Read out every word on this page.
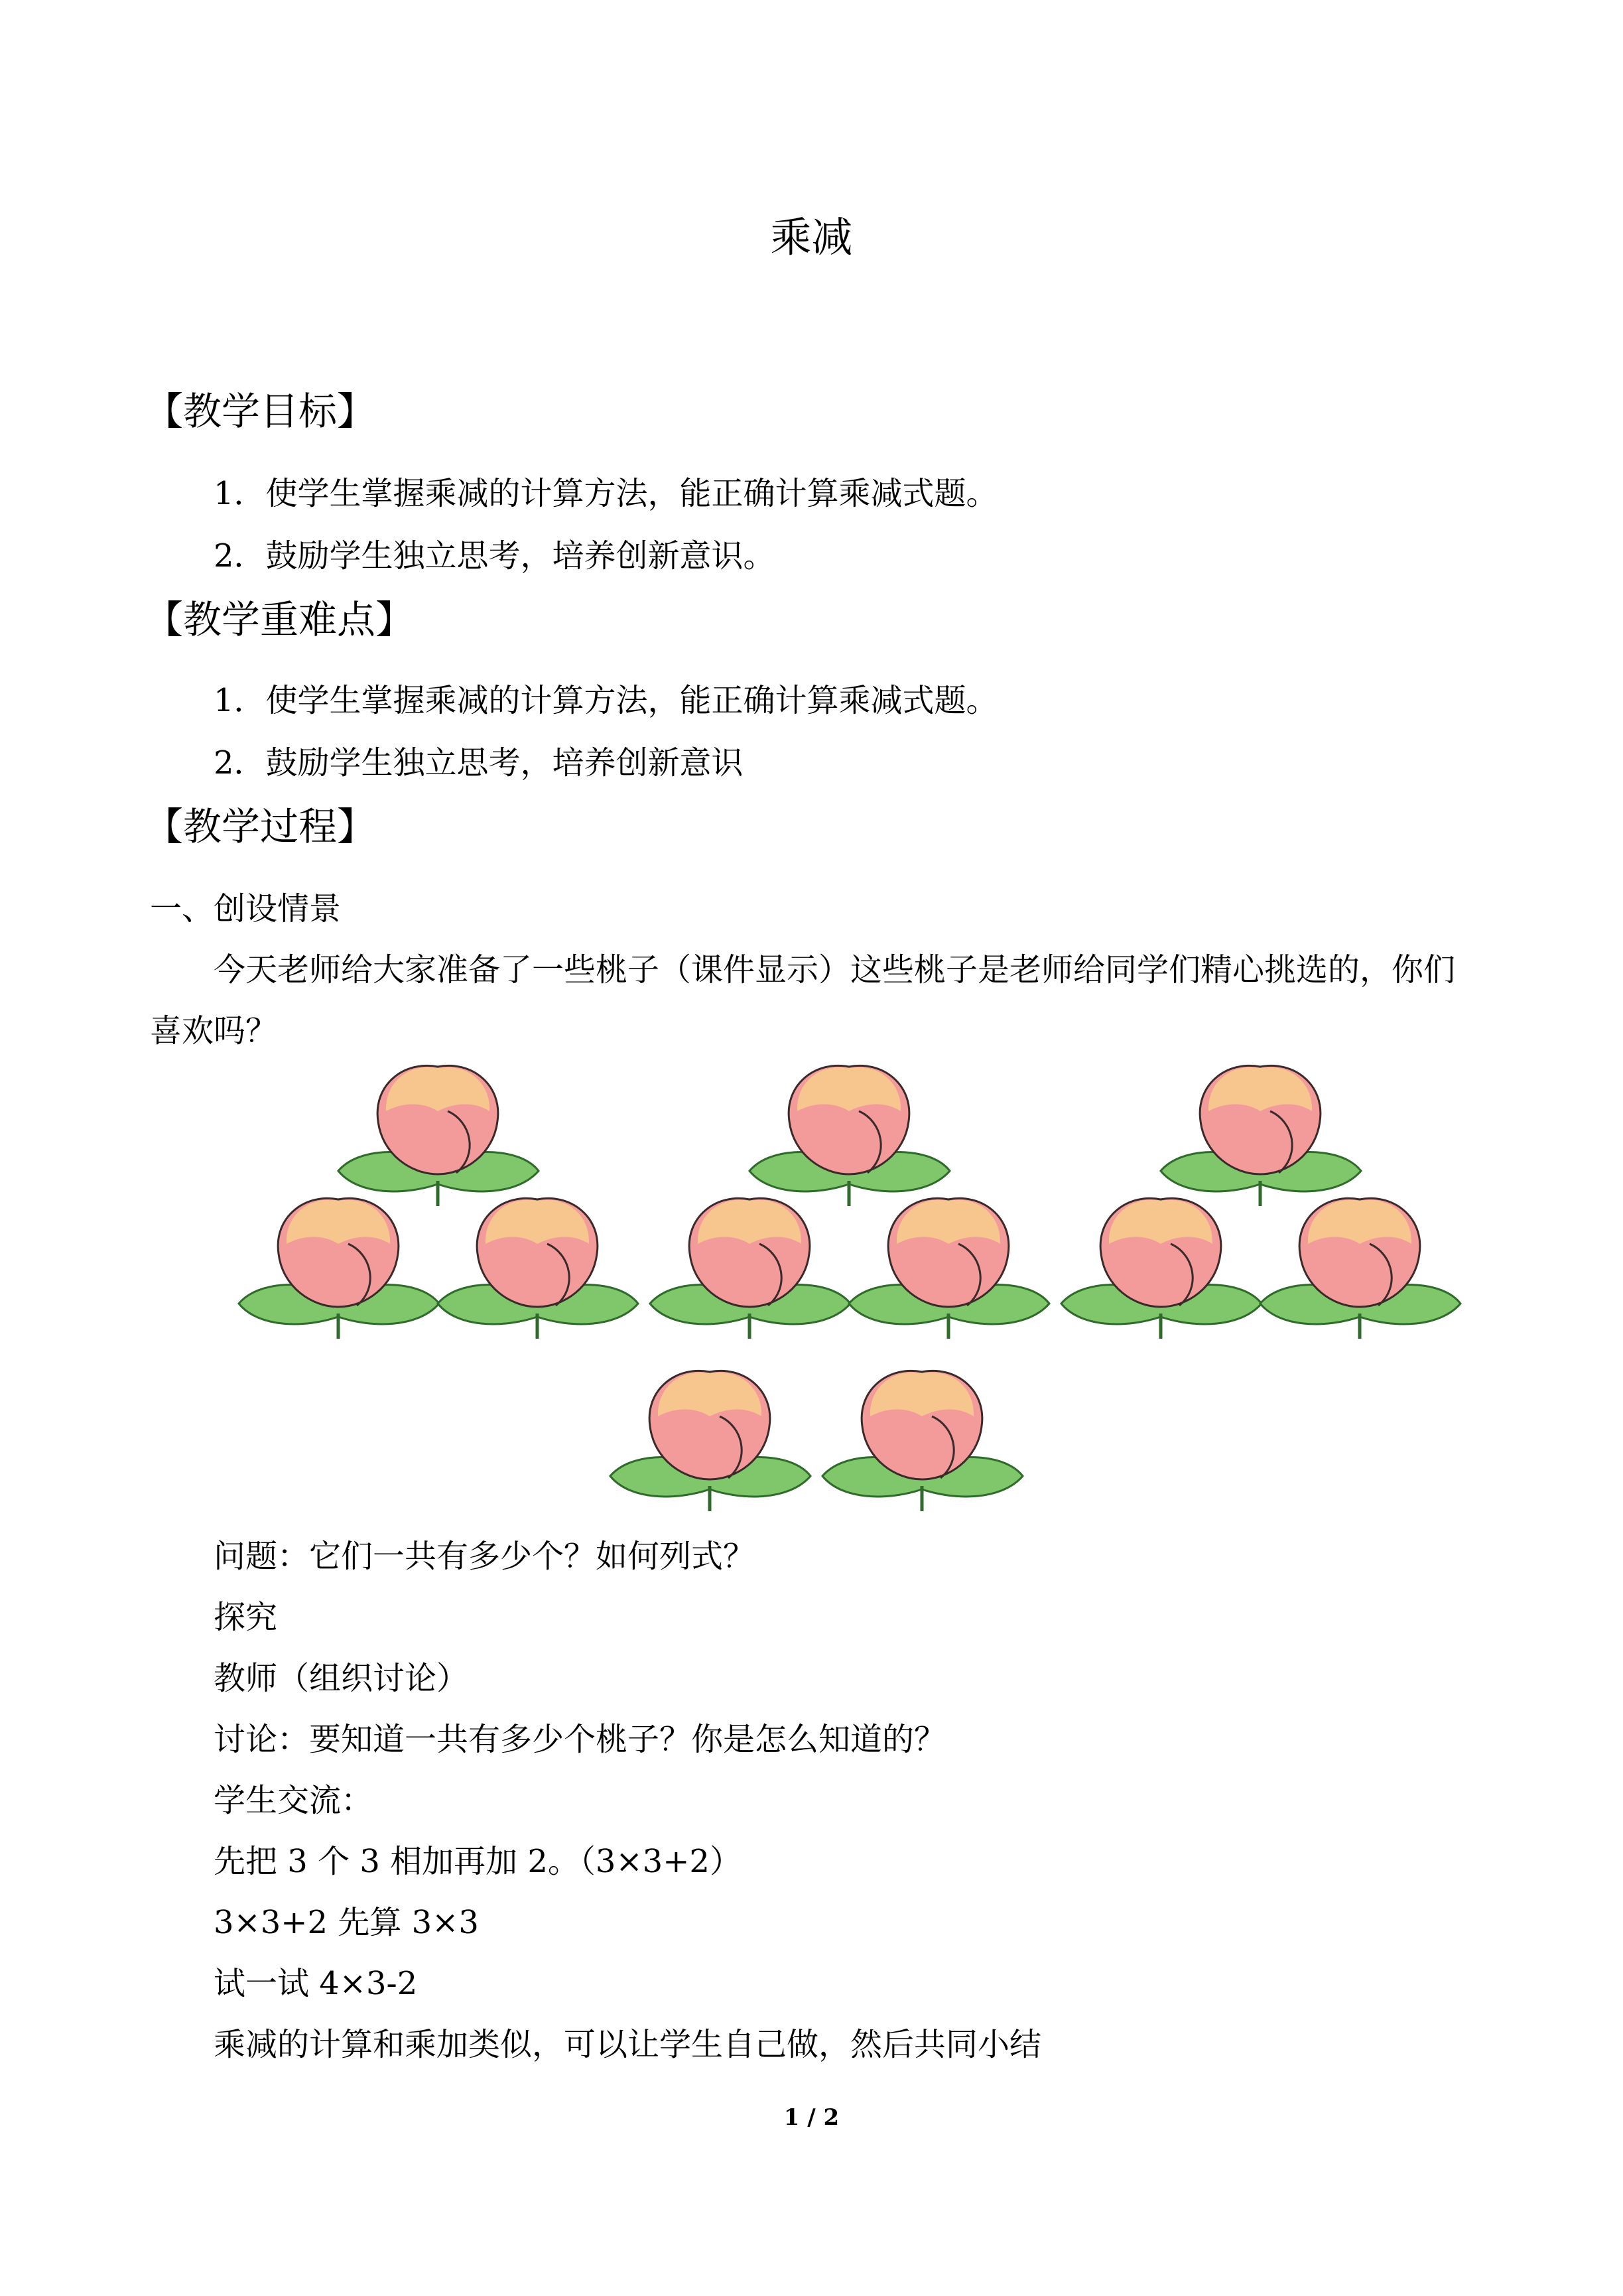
乘减
【教学目标】
1．使学生掌握乘减的计算方法，能正确计算乘减式题。
2．鼓励学生独立思考，培养创新意识。
【教学重难点】
1．使学生掌握乘减的计算方法，能正确计算乘减式题。
2．鼓励学生独立思考，培养创新意识
【教学过程】
一、创设情景
今天老师给大家准备了一些桃子（课件显示）这些桃子是老师给同学们精心挑选的，你们
喜欢吗？
问题：它们一共有多少个？如何列式？
探究
教师（组织讨论）
讨论：要知道一共有多少个桃子？你是怎么知道的？
学生交流：
先把 3 个 3 相加再加 2。（3×3+2）
3×3+2 先算 3×3
试一试 4×3-2
乘减的计算和乘加类似，可以让学生自己做，然后共同小结
1 / 2
